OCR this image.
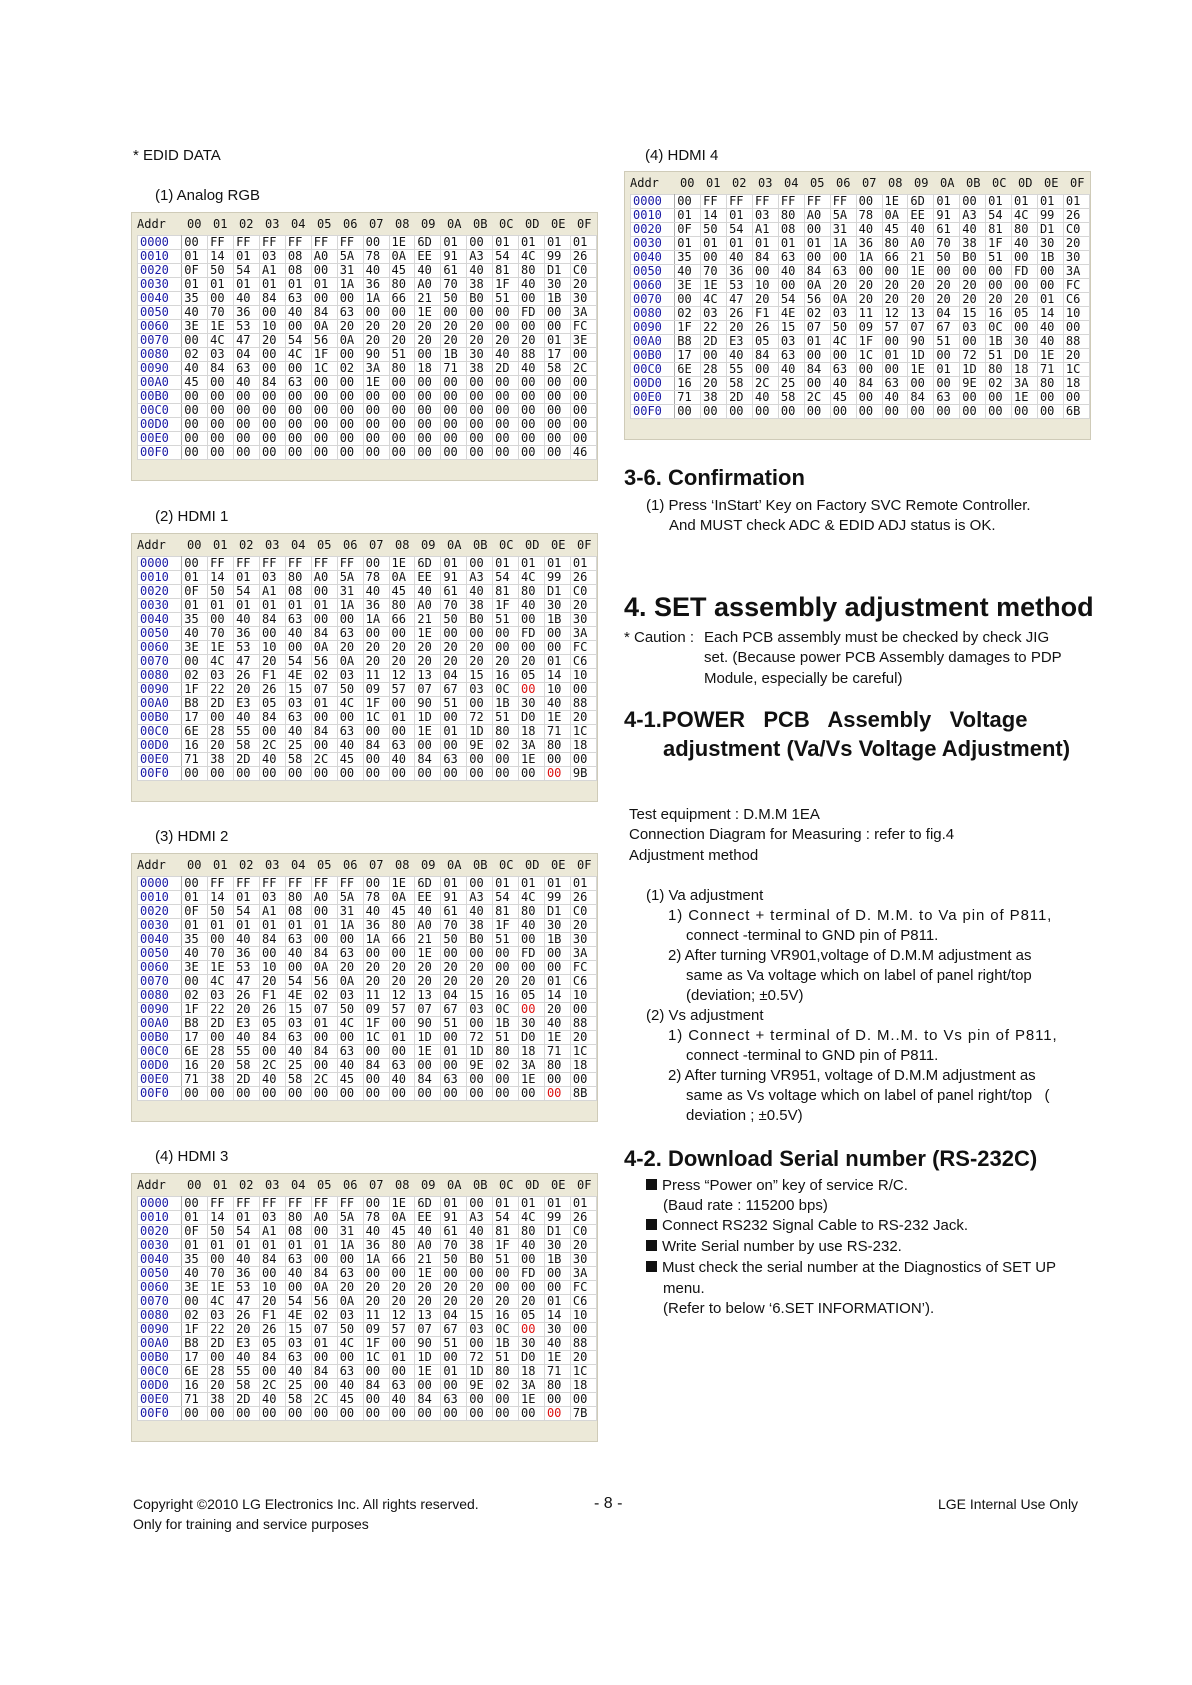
* EDID DATA
(1) Analog RGB
Addr 00 01 02 03 04 05 06 07 08 09 0A 0B 0C 0D 0E 0F
0000	00	FF	FF	FF	FF	FF	FF	00	1E	6D	01	00	01	01	01	01
0010	01	14	01	03	08	A0	5A	78	0A	EE	91	A3	54	4C	99	26
0020	0F	50	54	A1	08	00	31	40	45	40	61	40	81	80	D1	C0
0030	01	01	01	01	01	01	1A	36	80	A0	70	38	1F	40	30	20
0040	35	00	40	84	63	00	00	1A	66	21	50	B0	51	00	1B	30
0050	40	70	36	00	40	84	63	00	00	1E	00	00	00	FD	00	3A
0060	3E	1E	53	10	00	0A	20	20	20	20	20	20	00	00	00	FC
0070	00	4C	47	20	54	56	0A	20	20	20	20	20	20	20	01	3E
0080	02	03	04	00	4C	1F	00	90	51	00	1B	30	40	88	17	00
0090	40	84	63	00	00	1C	02	3A	80	18	71	38	2D	40	58	2C
00A0	45	00	40	84	63	00	00	1E	00	00	00	00	00	00	00	00
00B0	00	00	00	00	00	00	00	00	00	00	00	00	00	00	00	00
00C0	00	00	00	00	00	00	00	00	00	00	00	00	00	00	00	00
00D0	00	00	00	00	00	00	00	00	00	00	00	00	00	00	00	00
00E0	00	00	00	00	00	00	00	00	00	00	00	00	00	00	00	00
00F0	00	00	00	00	00	00	00	00	00	00	00	00	00	00	00	46
(2) HDMI 1
Addr 00 01 02 03 04 05 06 07 08 09 0A 0B 0C 0D 0E 0F
0000	00	FF	FF	FF	FF	FF	FF	00	1E	6D	01	00	01	01	01	01
0010	01	14	01	03	80	A0	5A	78	0A	EE	91	A3	54	4C	99	26
0020	0F	50	54	A1	08	00	31	40	45	40	61	40	81	80	D1	C0
0030	01	01	01	01	01	01	1A	36	80	A0	70	38	1F	40	30	20
0040	35	00	40	84	63	00	00	1A	66	21	50	B0	51	00	1B	30
0050	40	70	36	00	40	84	63	00	00	1E	00	00	00	FD	00	3A
0060	3E	1E	53	10	00	0A	20	20	20	20	20	20	00	00	00	FC
0070	00	4C	47	20	54	56	0A	20	20	20	20	20	20	20	01	C6
0080	02	03	26	F1	4E	02	03	11	12	13	04	15	16	05	14	10
0090	1F	22	20	26	15	07	50	09	57	07	67	03	0C	00	10	00
00A0	B8	2D	E3	05	03	01	4C	1F	00	90	51	00	1B	30	40	88
00B0	17	00	40	84	63	00	00	1C	01	1D	00	72	51	D0	1E	20
00C0	6E	28	55	00	40	84	63	00	00	1E	01	1D	80	18	71	1C
00D0	16	20	58	2C	25	00	40	84	63	00	00	9E	02	3A	80	18
00E0	71	38	2D	40	58	2C	45	00	40	84	63	00	00	1E	00	00
00F0	00	00	00	00	00	00	00	00	00	00	00	00	00	00	00	9B
(3) HDMI 2
Addr 00 01 02 03 04 05 06 07 08 09 0A 0B 0C 0D 0E 0F
0000	00	FF	FF	FF	FF	FF	FF	00	1E	6D	01	00	01	01	01	01
0010	01	14	01	03	80	A0	5A	78	0A	EE	91	A3	54	4C	99	26
0020	0F	50	54	A1	08	00	31	40	45	40	61	40	81	80	D1	C0
0030	01	01	01	01	01	01	1A	36	80	A0	70	38	1F	40	30	20
0040	35	00	40	84	63	00	00	1A	66	21	50	B0	51	00	1B	30
0050	40	70	36	00	40	84	63	00	00	1E	00	00	00	FD	00	3A
0060	3E	1E	53	10	00	0A	20	20	20	20	20	20	00	00	00	FC
0070	00	4C	47	20	54	56	0A	20	20	20	20	20	20	20	01	C6
0080	02	03	26	F1	4E	02	03	11	12	13	04	15	16	05	14	10
0090	1F	22	20	26	15	07	50	09	57	07	67	03	0C	00	20	00
00A0	B8	2D	E3	05	03	01	4C	1F	00	90	51	00	1B	30	40	88
00B0	17	00	40	84	63	00	00	1C	01	1D	00	72	51	D0	1E	20
00C0	6E	28	55	00	40	84	63	00	00	1E	01	1D	80	18	71	1C
00D0	16	20	58	2C	25	00	40	84	63	00	00	9E	02	3A	80	18
00E0	71	38	2D	40	58	2C	45	00	40	84	63	00	00	1E	00	00
00F0	00	00	00	00	00	00	00	00	00	00	00	00	00	00	00	8B
(4) HDMI 3
Addr 00 01 02 03 04 05 06 07 08 09 0A 0B 0C 0D 0E 0F
0000	00	FF	FF	FF	FF	FF	FF	00	1E	6D	01	00	01	01	01	01
0010	01	14	01	03	80	A0	5A	78	0A	EE	91	A3	54	4C	99	26
0020	0F	50	54	A1	08	00	31	40	45	40	61	40	81	80	D1	C0
0030	01	01	01	01	01	01	1A	36	80	A0	70	38	1F	40	30	20
0040	35	00	40	84	63	00	00	1A	66	21	50	B0	51	00	1B	30
0050	40	70	36	00	40	84	63	00	00	1E	00	00	00	FD	00	3A
0060	3E	1E	53	10	00	0A	20	20	20	20	20	20	00	00	00	FC
0070	00	4C	47	20	54	56	0A	20	20	20	20	20	20	20	01	C6
0080	02	03	26	F1	4E	02	03	11	12	13	04	15	16	05	14	10
0090	1F	22	20	26	15	07	50	09	57	07	67	03	0C	00	30	00
00A0	B8	2D	E3	05	03	01	4C	1F	00	90	51	00	1B	30	40	88
00B0	17	00	40	84	63	00	00	1C	01	1D	00	72	51	D0	1E	20
00C0	6E	28	55	00	40	84	63	00	00	1E	01	1D	80	18	71	1C
00D0	16	20	58	2C	25	00	40	84	63	00	00	9E	02	3A	80	18
00E0	71	38	2D	40	58	2C	45	00	40	84	63	00	00	1E	00	00
00F0	00	00	00	00	00	00	00	00	00	00	00	00	00	00	00	7B
(4) HDMI 4
Addr 00 01 02 03 04 05 06 07 08 09 0A 0B 0C 0D 0E 0F
0000	00	FF	FF	FF	FF	FF	FF	00	1E	6D	01	00	01	01	01	01
0010	01	14	01	03	80	A0	5A	78	0A	EE	91	A3	54	4C	99	26
0020	0F	50	54	A1	08	00	31	40	45	40	61	40	81	80	D1	C0
0030	01	01	01	01	01	01	1A	36	80	A0	70	38	1F	40	30	20
0040	35	00	40	84	63	00	00	1A	66	21	50	B0	51	00	1B	30
0050	40	70	36	00	40	84	63	00	00	1E	00	00	00	FD	00	3A
0060	3E	1E	53	10	00	0A	20	20	20	20	20	20	00	00	00	FC
0070	00	4C	47	20	54	56	0A	20	20	20	20	20	20	20	01	C6
0080	02	03	26	F1	4E	02	03	11	12	13	04	15	16	05	14	10
0090	1F	22	20	26	15	07	50	09	57	07	67	03	0C	00	40	00
00A0	B8	2D	E3	05	03	01	4C	1F	00	90	51	00	1B	30	40	88
00B0	17	00	40	84	63	00	00	1C	01	1D	00	72	51	D0	1E	20
00C0	6E	28	55	00	40	84	63	00	00	1E	01	1D	80	18	71	1C
00D0	16	20	58	2C	25	00	40	84	63	00	00	9E	02	3A	80	18
00E0	71	38	2D	40	58	2C	45	00	40	84	63	00	00	1E	00	00
00F0	00	00	00	00	00	00	00	00	00	00	00	00	00	00	00	6B
3-6. Confirmation
(1) Press ‘InStart’ Key on Factory SVC Remote Controller.
And MUST check ADC & EDID ADJ status is OK.
4. SET assembly adjustment method
* Caution : Each PCB assembly must be checked by check JIG
set. (Because power PCB Assembly damages to PDP
Module, especially be careful)
4-1.POWER   PCB   Assembly   Voltage
adjustment (Va/Vs Voltage Adjustment)
Test equipment : D.M.M 1EA
Connection Diagram for Measuring : refer to fig.4
Adjustment method
(1) Va adjustment
1) Connect + terminal of D. M.M. to Va pin of P811,
connect -terminal to GND pin of P811.
2) After turning VR901,voltage of D.M.M adjustment as
same as Va voltage which on label of panel right/top
(deviation; ±0.5V)
(2) Vs adjustment
1) Connect + terminal of D. M..M. to Vs pin of P811,
connect -terminal to GND pin of P811.
2) After turning VR951, voltage of D.M.M adjustment as
same as Vs voltage which on label of panel right/top   (
deviation ; ±0.5V)
4-2. Download Serial number (RS-232C)
Press “Power on” key of service R/C.
(Baud rate : 115200 bps)
Connect RS232 Signal Cable to RS-232 Jack.
Write Serial number by use RS-232.
Must check the serial number at the Diagnostics of SET UP
menu.
(Refer to below ‘6.SET INFORMATION’).
Copyright ©2010 LG Electronics Inc. All rights reserved.
Only for training and service purposes
- 8 -	LGE Internal Use Only
